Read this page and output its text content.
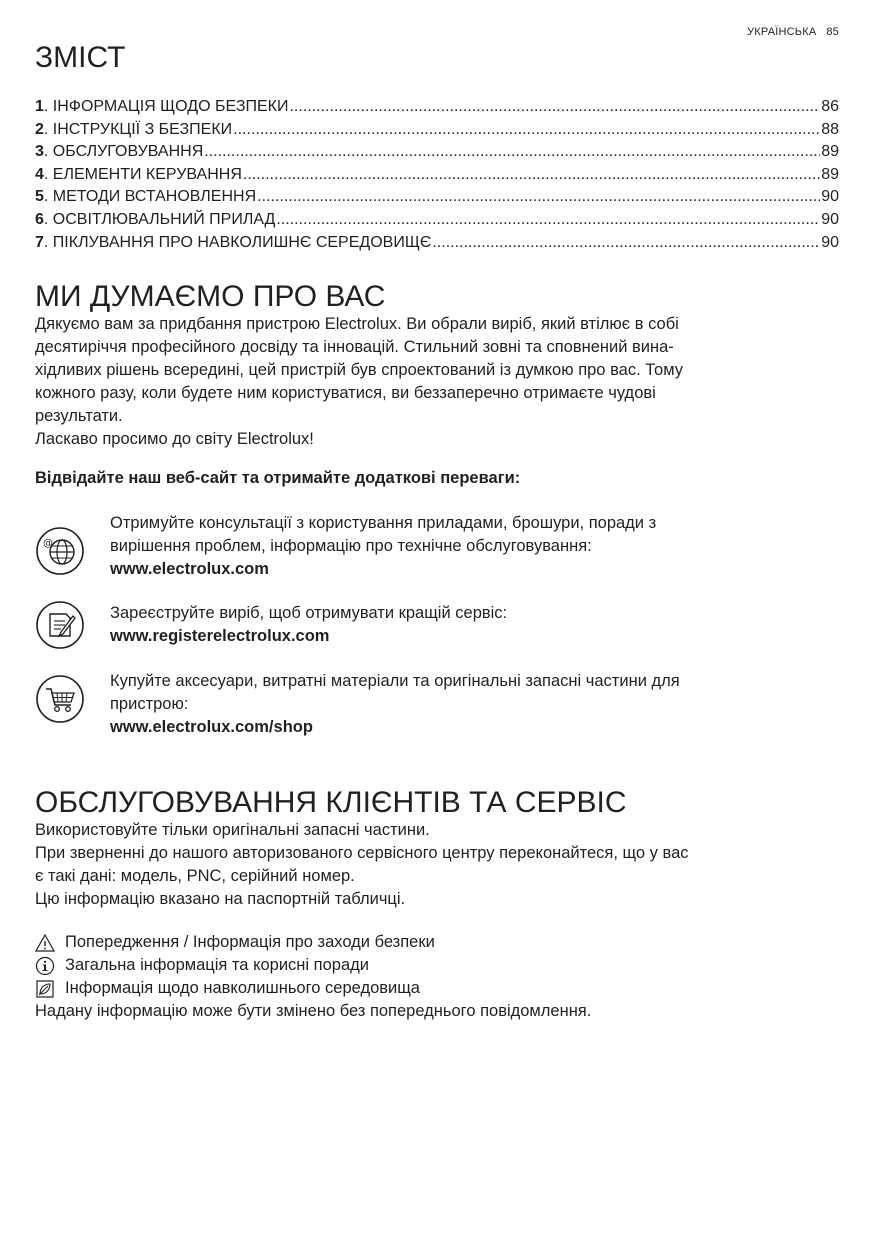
УКРАЇНСЬКА 85
ЗМІСТ
1 . ІНФОРМАЦІЯ ЩОДО БЕЗПЕКИ .....	86
2 . ІНСТРУКЦІЇ З БЕЗПЕКИ .....	88
3 . ОБСЛУГОВУВАННЯ .....	89
4 . ЕЛЕМЕНТИ КЕРУВАННЯ .....	89
5 . МЕТОДИ ВСТАНОВЛЕННЯ .....	90
6 . ОСВІТЛЮВАЛЬНИЙ ПРИЛАД .....	90
7 . ПІКЛУВАННЯ ПРО НАВКОЛИШНЄ СЕРЕДОВИЩЄ .....	90
МИ ДУМАЄМО ПРО ВАС

Дякуємо вам за придбання пристрою Electrolux. Ви обрали виріб, який втілює в собі
десятиріччя професійного досвіду та інновацій. Стильний зовні та сповнений вина-
хідливих рішень всередині, цей пристрій був спроектований із думкою про вас. Тому
кожного разу, коли будете ним користуватися, ви беззаперечно отримаєте чудові
результати.
Ласкаво просимо до світу Electrolux!

Відвідайте наш веб-сайт та отримайте додаткові переваги:

@
Отримуйте консультації з користування приладами, брошури, поради з
вирішення проблем, інформацію про технічне обслуговування:
www.electrolux.com
Зареєструйте виріб, щоб отримувати кращій сервіс:
www.registerelectrolux.com
Купуйте аксесуари, витратні матеріали та оригінальні запасні частини для
пристрою:
www.electrolux.com/shop
ОБСЛУГОВУВАННЯ КЛІЄНТІВ ТА СЕРВІС

Використовуйте тільки оригінальні запасні частини.
При зверненні до нашого авторизованого сервісного центру переконайтеся, що у вас
є такі дані: модель, PNC, серійний номер.
Цю інформацію вказано на паспортній табличці.

Попередження / Інформація про заходи безпеки
Загальна інформація та корисні поради
Інформація щодо навколишнього середовища
Надану інформацію може бути змінено без попереднього повідомлення.
